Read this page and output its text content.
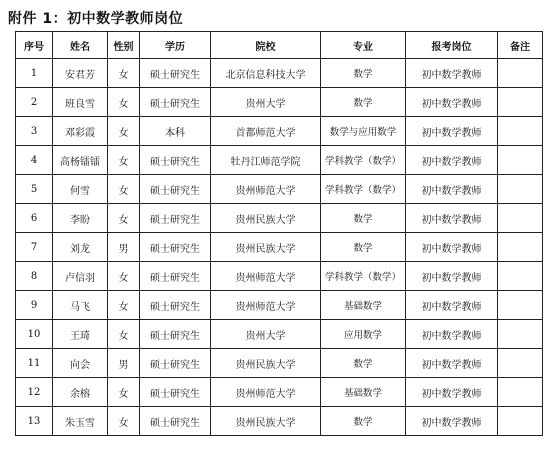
附件 1：初中数学教师岗位
序号	姓名	性别	学历	院校	专业	报考岗位	备注
1	安君芳	女	硕士研究生	北京信息科技大学	数学	初中数学教师	
2	班良雪	女	硕士研究生	贵州大学	数学	初中数学教师	
3	邓彩霞	女	本科	首都师范大学	数学与应用数学	初中数学教师	
4	高杨镭镭	女	硕士研究生	牡丹江师范学院	学科教学（数学）	初中数学教师	
5	何雪	女	硕士研究生	贵州师范大学	学科教学（数学）	初中数学教师	
6	李盼	女	硕士研究生	贵州民族大学	数学	初中数学教师	
7	刘龙	男	硕士研究生	贵州民族大学	数学	初中数学教师	
8	卢信羽	女	硕士研究生	贵州师范大学	学科教学（数学）	初中数学教师	
9	马飞	女	硕士研究生	贵州师范大学	基础数学	初中数学教师	
10	王琦	女	硕士研究生	贵州大学	应用数学	初中数学教师	
11	向会	男	硕士研究生	贵州民族大学	数学	初中数学教师	
12	余榕	女	硕士研究生	贵州师范大学	基础数学	初中数学教师	
13	朱玉雪	女	硕士研究生	贵州民族大学	数学	初中数学教师	
